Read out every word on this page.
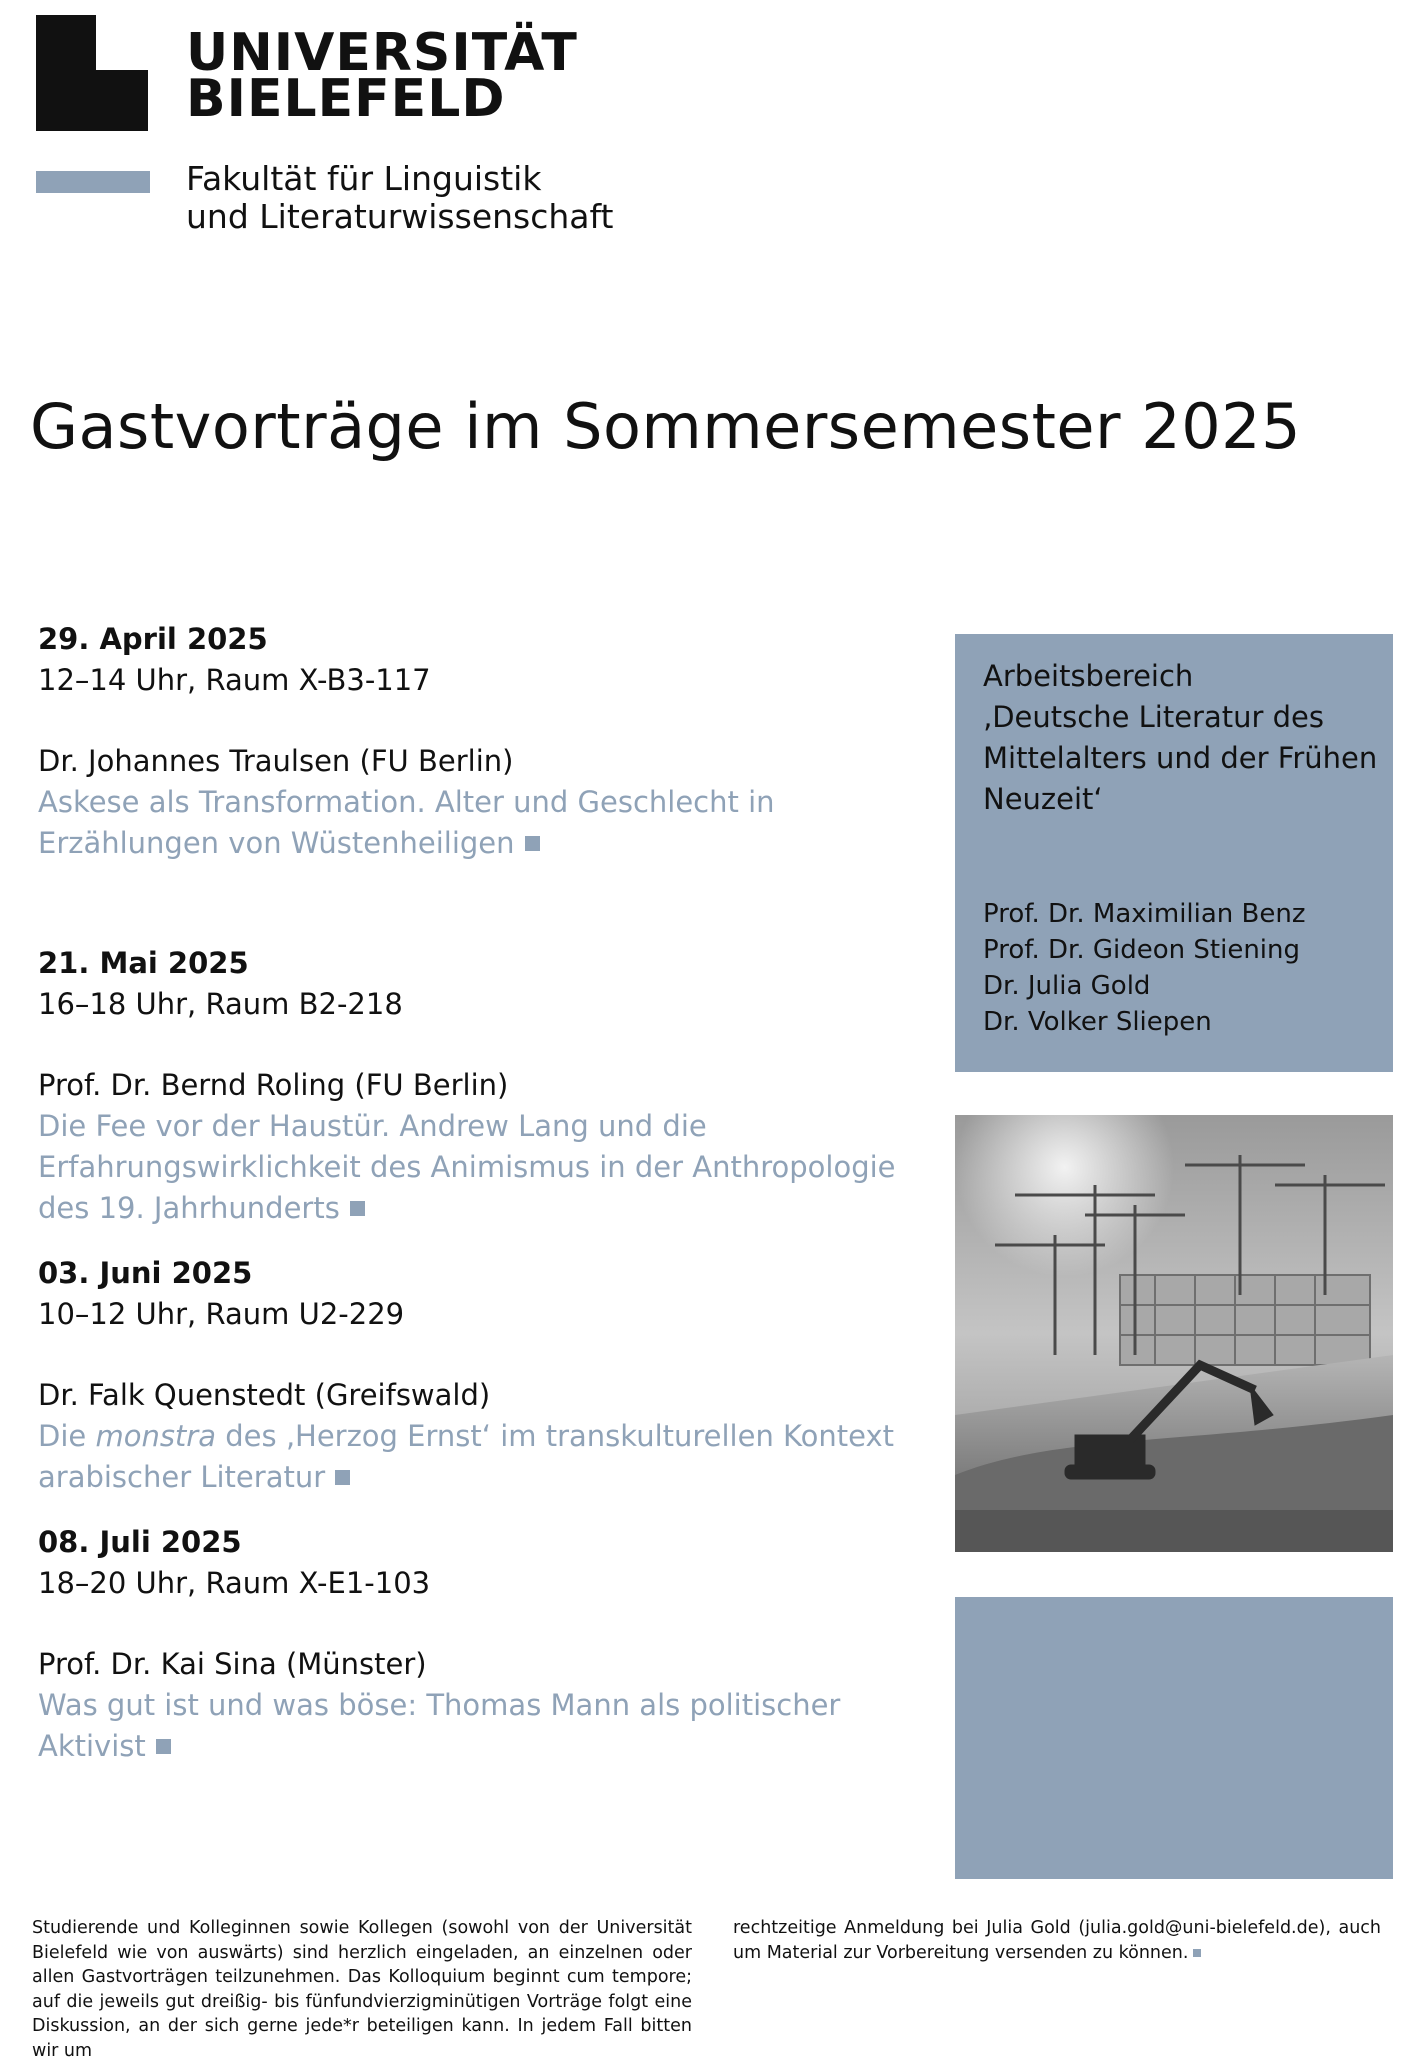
UNIVERSITÄT
BIELEFELD
Fakultät für Linguistik
und Literaturwissenschaft
Gastvorträge im Sommersemester 2025
29. April 2025
12–14 Uhr, Raum X-B3-117
Dr. Johannes Traulsen (FU Berlin)
Askese als Transformation. Alter und Geschlecht in
Erzählungen von Wüstenheiligen
21. Mai 2025
16–18 Uhr, Raum B2-218
Prof. Dr. Bernd Roling (FU Berlin)
Die Fee vor der Haustür. Andrew Lang und die
Erfahrungswirklichkeit des Animismus in der Anthropologie
des 19. Jahrhunderts
03. Juni 2025
10–12 Uhr, Raum U2-229
Dr. Falk Quenstedt (Greifswald)
Die monstra des ‚Herzog Ernst‘ im transkulturellen Kontext
arabischer Literatur
08. Juli 2025
18–20 Uhr, Raum X-E1-103
Prof. Dr. Kai Sina (Münster)
Was gut ist und was böse: Thomas Mann als politischer
Aktivist
Arbeitsbereich
‚Deutsche Literatur des
Mittelalters und der Frühen
Neuzeit‘
Prof. Dr. Maximilian Benz
Prof. Dr. Gideon Stiening
Dr. Julia Gold
Dr. Volker Sliepen
Studierende und Kolleginnen sowie Kollegen (sowohl von der Universität Bielefeld wie von auswärts) sind herzlich eingeladen, an einzelnen oder allen Gastvorträgen teilzunehmen. Das Kolloquium beginnt cum tempore; auf die jeweils gut dreißig- bis fünfundvierzigminütigen Vorträge folgt eine Diskussion, an der sich gerne jede*r beteiligen kann. In jedem Fall bitten wir um
rechtzeitige Anmeldung bei Julia Gold (julia.gold@uni-bielefeld.de), auch um Material zur Vorbereitung versenden zu können.
